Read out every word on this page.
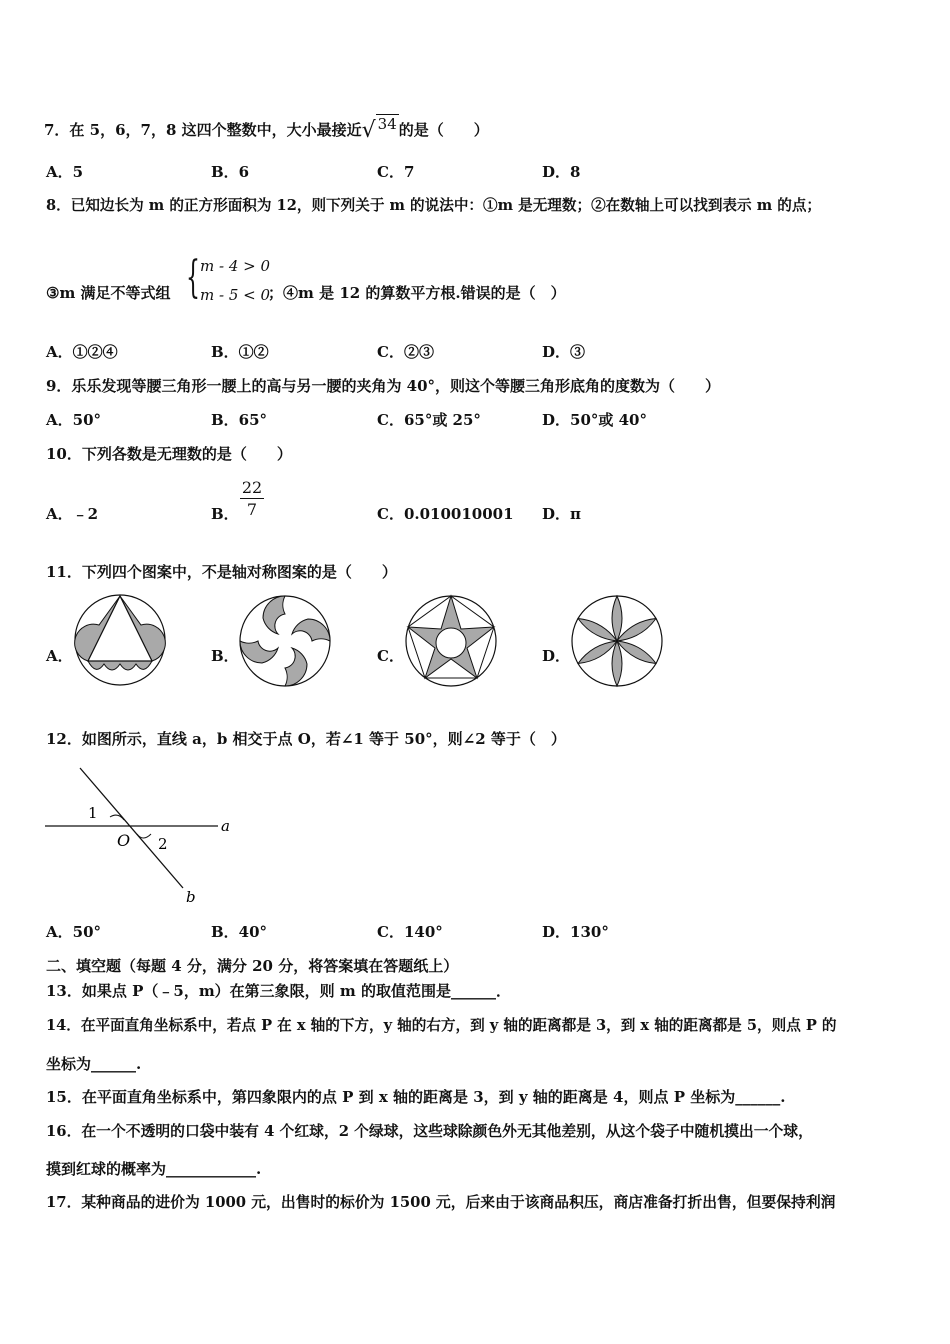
7．在 5，6，7，8 这四个整数中，大小最接近√ 34 的是（　　）
A．5	B．6	C．7	D．8
8．已知边长为 m 的正方形面积为 12，则下列关于 m 的说法中：①m 是无理数；②在数轴上可以找到表示 m 的点；
③m 满足不等式组 { m - 4 > 0
m - 5 < 0
；④m 是 12 的算数平方根.错误的是（　）
A．①②④	B．①②	C．②③	D．③
9．乐乐发现等腰三角形一腰上的高与另一腰的夹角为 40°，则这个等腰三角形底角的度数为（　　）
A．50°	B．65°	C．65°或 25°	D．50°或 40°
10．下列各数是无理数的是（　　）
A．﹣2	B． $\frac{22}{7}$	C．0.010010001 D．π
11．下列四个图案中，不是轴对称图案的是（　　）
A．	B．	C．	D．
12．如图所示，直线 a，b 相交于点 O，若∠1 等于 50°，则∠2 等于（　）
1
2
O
a
b
A．50°	B．40°	C．140°	D．130°
二、填空题（每题 4 分，满分 20 分，将答案填在答题纸上）
13．如果点 P（﹣5，m）在第三象限，则 m 的取值范围是______．
14．在平面直角坐标系中，若点 P 在 x 轴的下方，y 轴的右方，到 y 轴的距离都是 3，到 x 轴的距离都是 5，则点 P 的
坐标为______.
15．在平面直角坐标系中，第四象限内的点 P 到 x 轴的距离是 3，到 y 轴的距离是 4，则点 P 坐标为______.
16．在一个不透明的口袋中装有 4 个红球，2 个绿球，这些球除颜色外无其他差别，从这个袋子中随机摸出一个球，
摸到红球的概率为____________.
17．某种商品的进价为 1000 元，出售时的标价为 1500 元，后来由于该商品积压，商店准备打折出售，但要保持利润
